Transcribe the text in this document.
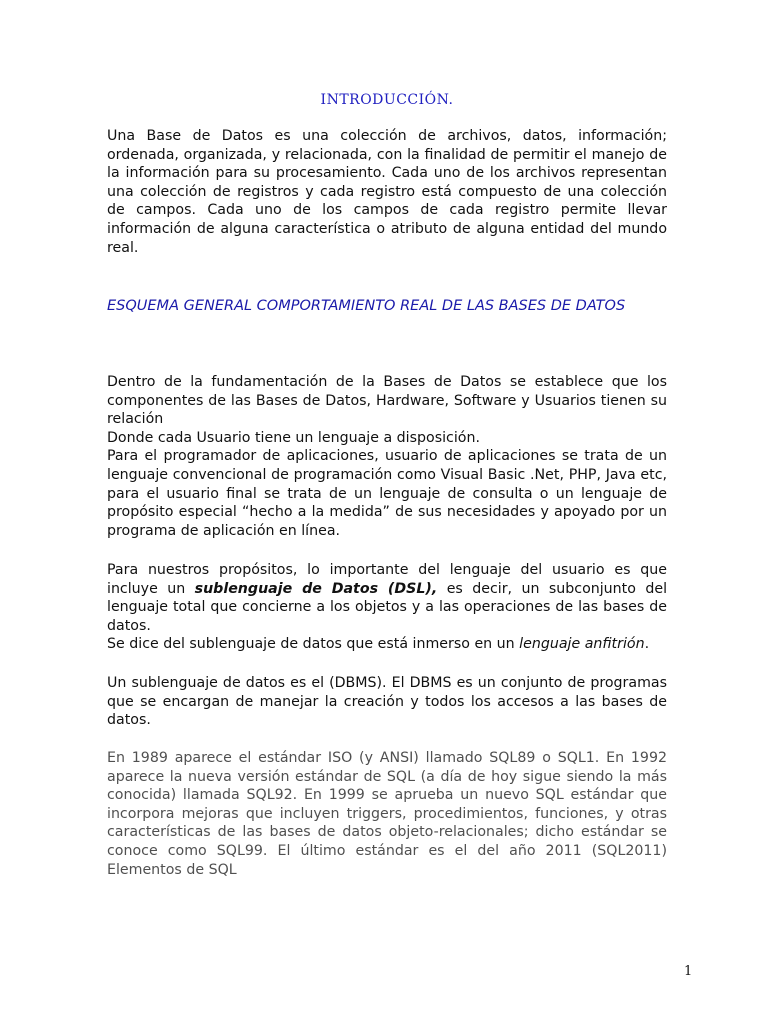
INTRODUCCIÓN.

Una Base de Datos es una colección de archivos, datos, información; ordenada, organizada, y relacionada, con la finalidad de permitir el manejo de la información para su procesamiento. Cada uno de los archivos representan una colección de registros y cada registro está compuesto de una colección de campos. Cada uno de los campos de cada registro permite llevar información de alguna característica o atributo de alguna entidad del mundo real.

ESQUEMA GENERAL COMPORTAMIENTO REAL DE LAS BASES DE DATOS

Dentro de la fundamentación de la Bases de Datos se establece que los componentes de las Bases de Datos, Hardware, Software y Usuarios tienen su relación
Donde cada Usuario tiene un lenguaje a disposición.
Para el programador de aplicaciones, usuario de aplicaciones se trata de un lenguaje convencional de programación como Visual Basic .Net, PHP, Java etc, para el usuario final se trata de un lenguaje de consulta o un lenguaje de propósito especial “hecho a la medida” de sus necesidades y apoyado por un programa de aplicación en línea.
Para nuestros propósitos, lo importante del lenguaje del usuario es que incluye un sublenguaje de Datos (DSL), es decir, un subconjunto del lenguaje total que concierne a los objetos y a las operaciones de las bases de datos.
Se dice del sublenguaje de datos que está inmerso en un lenguaje anfitrión.

Un sublenguaje de datos es el (DBMS). El DBMS es un conjunto de programas que se encargan de manejar la creación y todos los accesos a las bases de datos.

En 1989 aparece el estándar ISO (y ANSI) llamado SQL89 o SQL1. En 1992 aparece la nueva versión estándar de SQL (a día de hoy sigue siendo la más conocida) llamada SQL92. En 1999 se aprueba un nuevo SQL estándar que incorpora mejoras que incluyen triggers, procedimientos, funciones, y otras características de las bases de datos objeto-relacionales; dicho estándar se conoce como SQL99. El último estándar es el del año 2011 (SQL2011) Elementos de SQL

1
